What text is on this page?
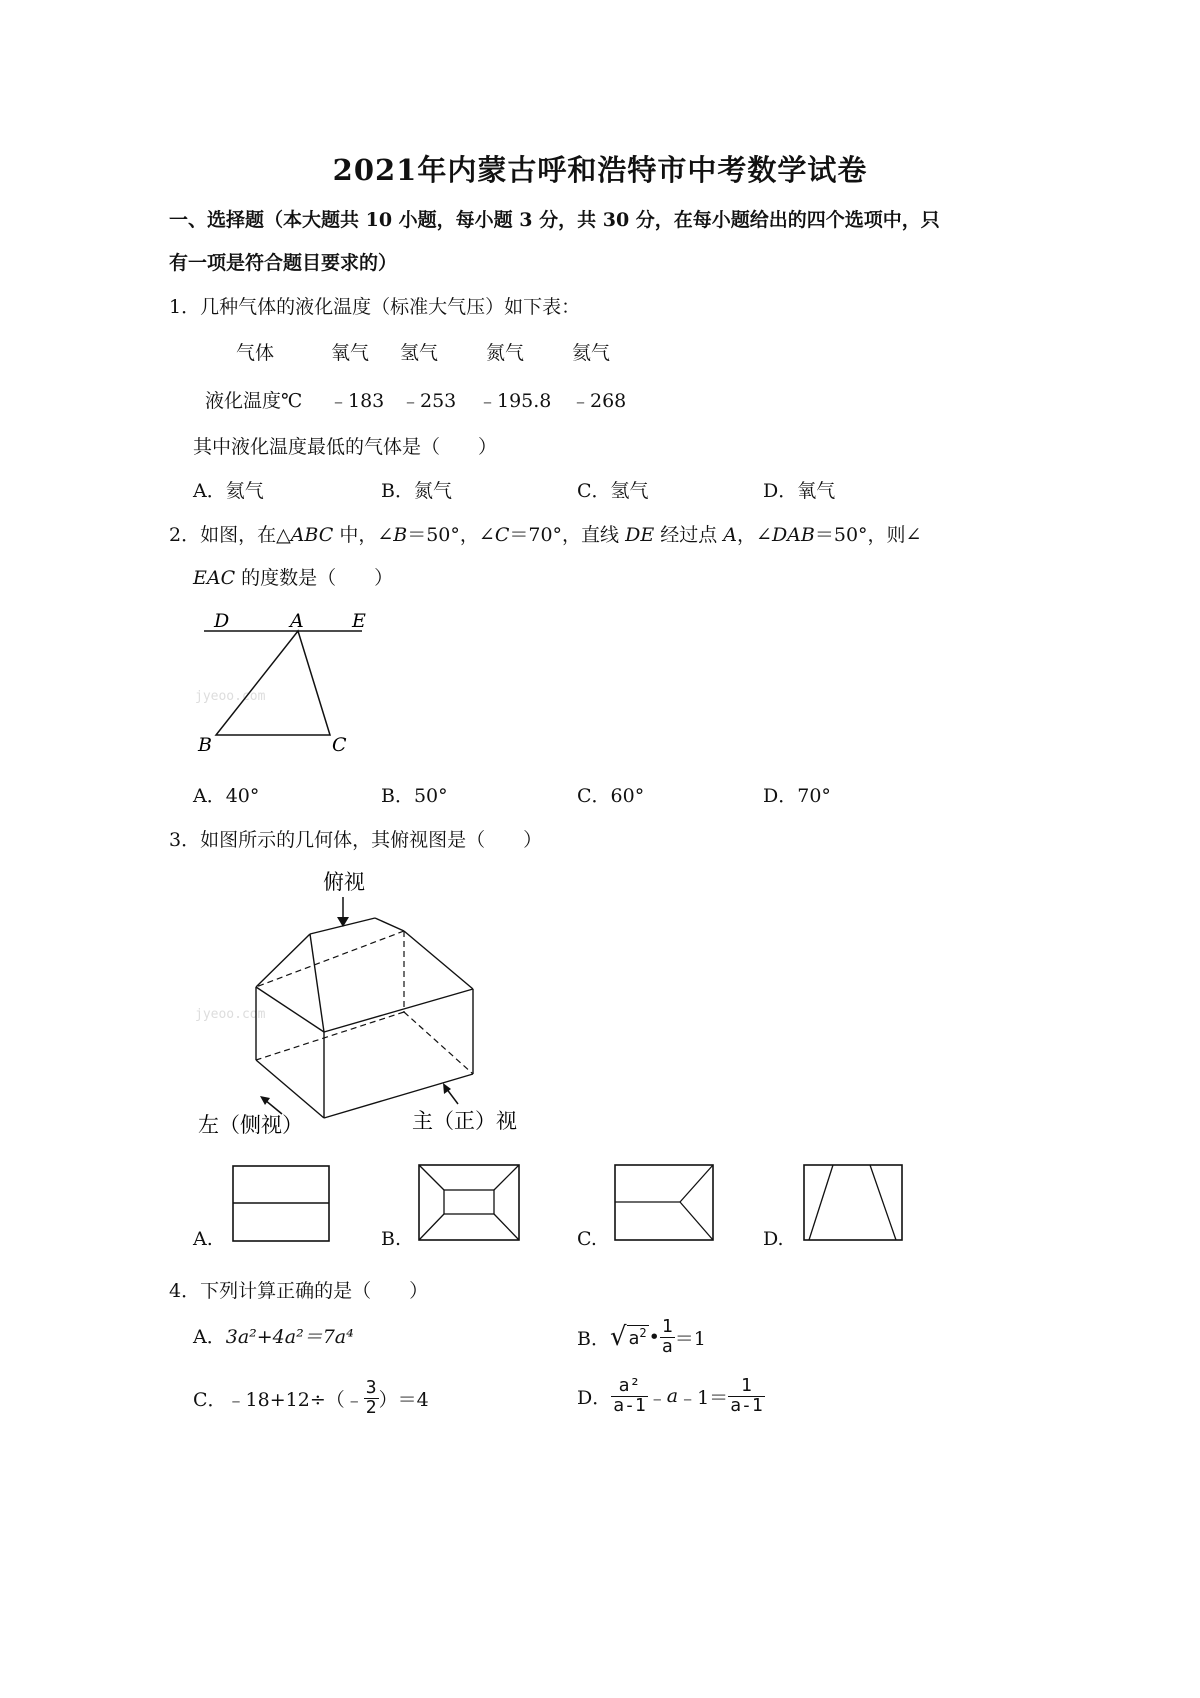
2021年内蒙古呼和浩特市中考数学试卷
一、选择题（本大题共 10 小题，每小题 3 分，共 30 分，在每小题给出的四个选项中，只
有一项是符合题目要求的）
1．几种气体的液化温度（标准大气压）如下表：
气体	氧气 氢气	氮气	氦气
液化温度℃ ﹣183 ﹣253 ﹣195.8 ﹣268
其中液化温度最低的气体是（　　）
A．氦气	B．氮气	C．氢气	D．氧气
2．如图，在△ABC 中，∠B＝50°，∠C＝70°，直线 DE 经过点 A，∠DAB＝50°，则∠
EAC 的度数是（　　）
jyeoo.com
D	A	E
B	C
A．40°	B．50°	C．60°	D．70°
3．如图所示的几何体，其俯视图是（　　）
jyeoo.com
俯视
左（侧视）	主（正）视
A.	B.	C.	D.
4．下列计算正确的是（　　）
A．3a²+4a²＝7a⁴	B． √ $a^2$ • $\frac{1}{a} =1$
C． ﹣18+12÷（﹣ $\frac{3}{2} )=4$	D． $\frac{\text{a²}}{a-1}$ ﹣ a ﹣1＝ $\frac{1}{a-1}$
